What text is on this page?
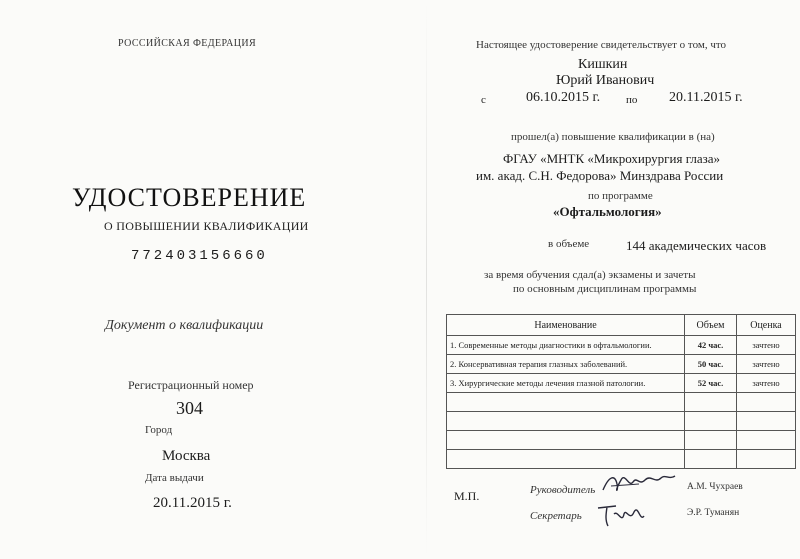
РОССИЙСКАЯ ФЕДЕРАЦИЯ
УДОСТОВЕРЕНИЕ
О ПОВЫШЕНИИ КВАЛИФИКАЦИИ
772403156660
Документ о квалификации
Регистрационный номер
304
Город
Москва
Дата выдачи
20.11.2015 г.
Настоящее удостоверение свидетельствует о том, что
Кишкин
Юрий Иванович
с	06.10.2015 г. по 20.11.2015 г.
прошел(а) повышение квалификации в (на)
ФГАУ «МНТК «Микрохирургия глаза»
им. акад. С.Н. Федорова» Минздрава России
по программе
«Офтальмология»
в объеме	144 академических часов
за время обучения сдал(а) экзамены и зачеты
по основным дисциплинам программы
Наименование	Объем	Оценка
1. Современные методы диагностики в офтальмологии.	42 час.	зачтено
2. Консервативная терапия глазных заболеваний.	50 час.	зачтено
3. Хирургические методы лечения глазной патологии.	52 час.	зачтено

М.П.	Руководитель	А.М. Чухраев
Секретарь	Э.Р. Туманян
